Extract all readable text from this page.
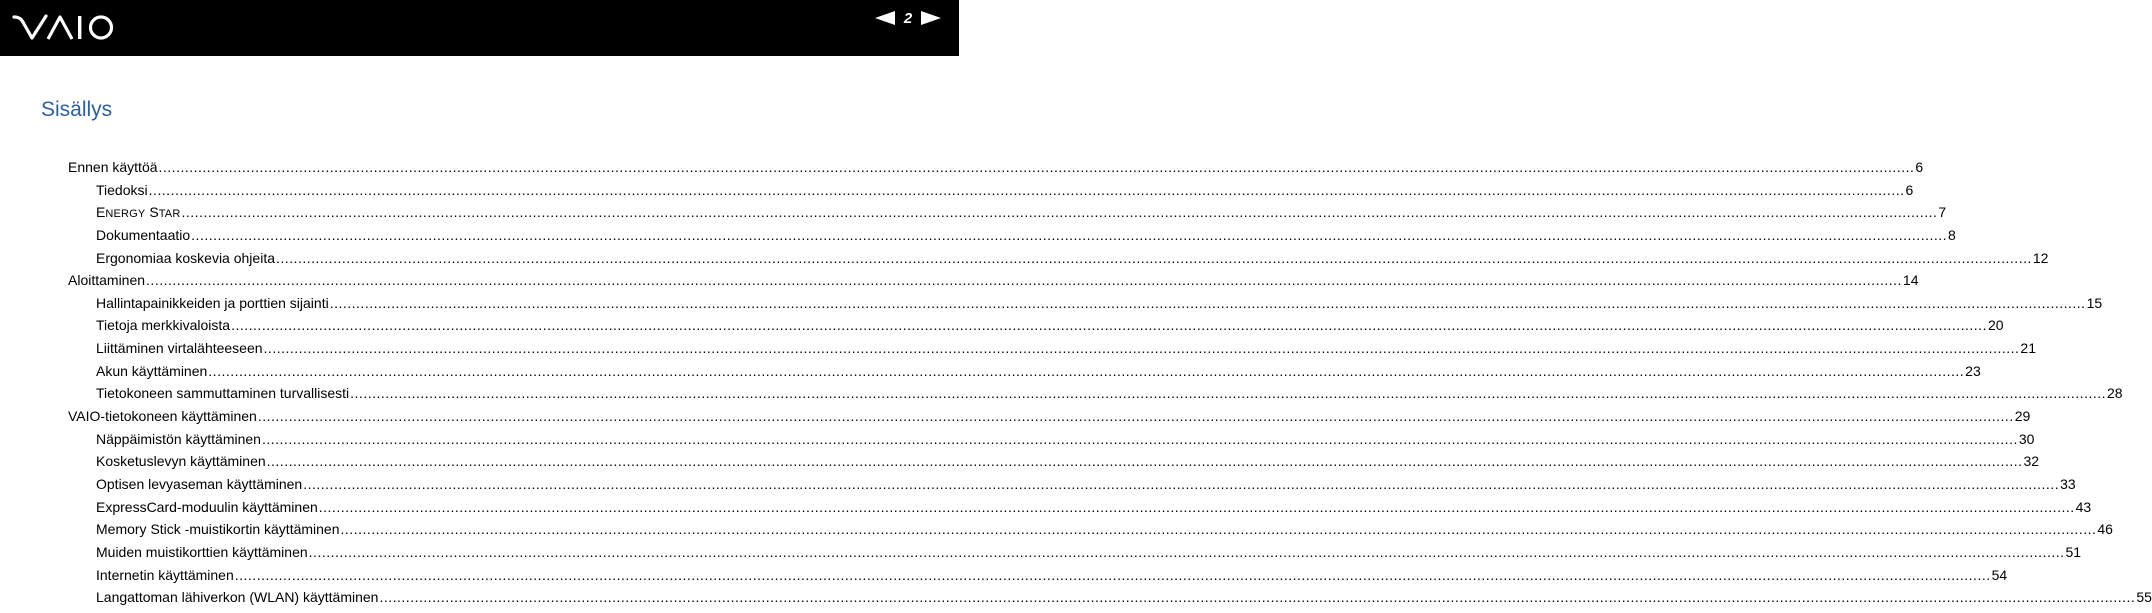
2
Sisällys
Ennen käyttöä ................................................................................................................................................................................................................................................................................................................................................................................................................ 6
Tiedoksi ................................................................................................................................................................................................................................................................................................................................................................................................................ 6
ENERGY STAR ................................................................................................................................................................................................................................................................................................................................................................................................................ 7
Dokumentaatio ................................................................................................................................................................................................................................................................................................................................................................................................................ 8
Ergonomiaa koskevia ohjeita ................................................................................................................................................................................................................................................................................................................................................................................................................ 12
Aloittaminen ................................................................................................................................................................................................................................................................................................................................................................................................................ 14
Hallintapainikkeiden ja porttien sijainti ................................................................................................................................................................................................................................................................................................................................................................................................................ 15
Tietoja merkkivaloista ................................................................................................................................................................................................................................................................................................................................................................................................................ 20
Liittäminen virtalähteeseen ................................................................................................................................................................................................................................................................................................................................................................................................................ 21
Akun käyttäminen ................................................................................................................................................................................................................................................................................................................................................................................................................ 23
Tietokoneen sammuttaminen turvallisesti ................................................................................................................................................................................................................................................................................................................................................................................................................ 28
VAIO-tietokoneen käyttäminen ................................................................................................................................................................................................................................................................................................................................................................................................................ 29
Näppäimistön käyttäminen ................................................................................................................................................................................................................................................................................................................................................................................................................ 30
Kosketuslevyn käyttäminen ................................................................................................................................................................................................................................................................................................................................................................................................................ 32
Optisen levyaseman käyttäminen ................................................................................................................................................................................................................................................................................................................................................................................................................ 33
ExpressCard-moduulin käyttäminen ................................................................................................................................................................................................................................................................................................................................................................................................................ 43
Memory Stick -muistikortin käyttäminen ................................................................................................................................................................................................................................................................................................................................................................................................................ 46
Muiden muistikorttien käyttäminen ................................................................................................................................................................................................................................................................................................................................................................................................................ 51
Internetin käyttäminen ................................................................................................................................................................................................................................................................................................................................................................................................................ 54
Langattoman lähiverkon (WLAN) käyttäminen ................................................................................................................................................................................................................................................................................................................................................................................................................ 55
